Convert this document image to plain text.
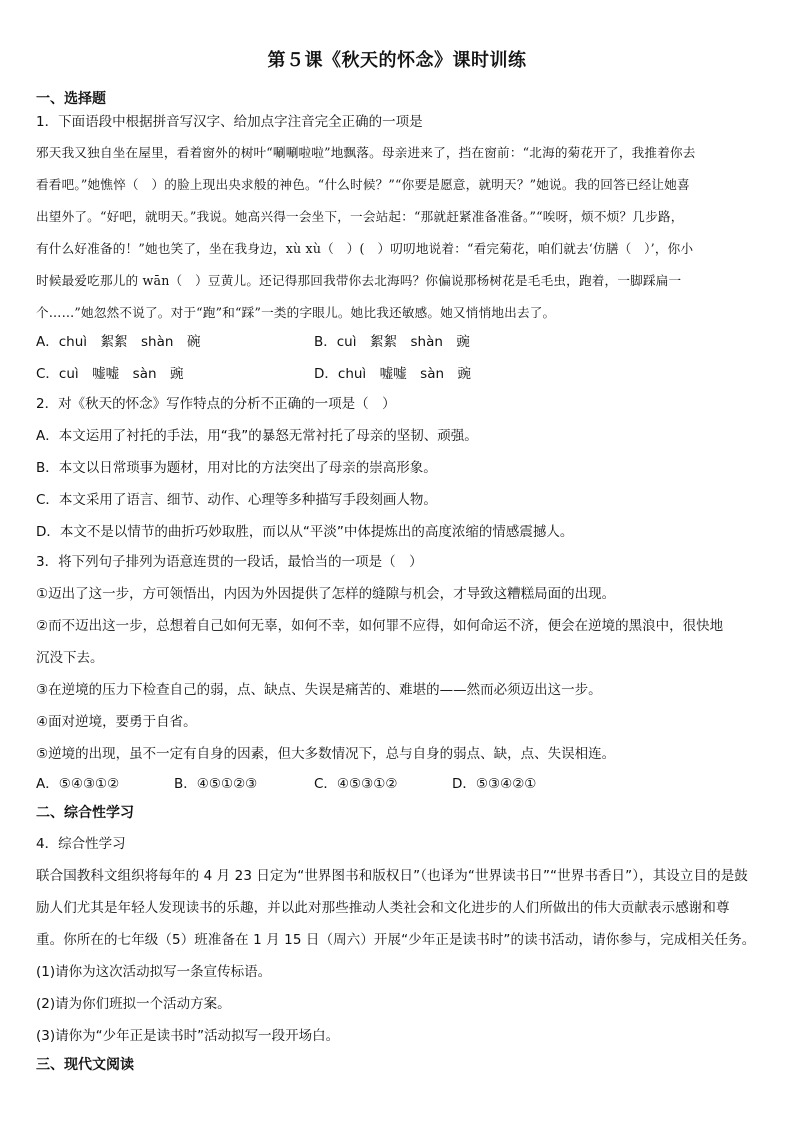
第５课《秋天的怀念》课时训练
一、选择题
1．下面语段中根据拼音写汉字、给加点字注音完全正确的一项是
邪天我又独自坐在屋里，看着窗外的树叶“唰唰啦啦”地飘落。母亲进来了，挡在窗前：“北海的菊花开了，我推着你去
看看吧。”她憔悴（　）的脸上现出央求般的神色。“什么时候？”“你要是愿意，就明天？”她说。我的回答已经让她喜
出望外了。“好吧，就明天。”我说。她高兴得一会坐下，一会站起：“那就赶紧准备准备。”“唉呀，烦不烦？几步路，
有什么好准备的！”她也笑了，坐在我身边，xù xù（　）(　）叨叨地说着：“看完菊花，咱们就去‘仿膳（　）’，你小
时候最爱吃那儿的 wān（　）豆黄儿。还记得那回我带你去北海吗？你偏说那杨树花是毛毛虫，跑着，一脚踩扁一
个……”她忽然不说了。对于“跑”和“踩”一类的字眼儿。她比我还敏感。她又悄悄地出去了。
A．chuì　絮絮　shàn　碗	B．cuì　絮絮　shàn　豌
C．cuì　嘘嘘　sàn　豌	D．chuì　嘘嘘　sàn　豌
2．对《秋天的怀念》写作特点的分析不正确的一项是（　）
A．本文运用了衬托的手法，用“我”的暴怒无常衬托了母亲的坚韧、顽强。
B．本文以日常琐事为题材，用对比的方法突出了母亲的崇高形象。
C．本文采用了语言、细节、动作、心理等多种描写手段刻画人物。
D．本文不是以情节的曲折巧妙取胜，而以从“平淡”中体提炼出的高度浓缩的情感震撼人。
3．将下列句子排列为语意连贯的一段话，最恰当的一项是（　）
①迈出了这一步，方可领悟出，内因为外因提供了怎样的缝隙与机会，才导致这糟糕局面的出现。
②而不迈出这一步，总想着自己如何无辜，如何不幸，如何罪不应得，如何命运不济，便会在逆境的黑浪中，很快地
沉没下去。
③在逆境的压力下检查自己的弱，点、缺点、失误是痛苦的、难堪的——然而必须迈出这一步。
④面对逆境，要勇于自省。
⑤逆境的出现，虽不一定有自身的因素，但大多数情况下，总与自身的弱点、缺，点、失误相连。
A．⑤④③①②	B．④⑤①②③	C．④⑤③①②	D．⑤③④②①
二、综合性学习
4．综合性学习
联合国教科文组织将每年的 4 月 23 日定为“世界图书和版权日”（也译为“世界读书日”“世界书香日”），其设立目的是鼓
励人们尤其是年轻人发现读书的乐趣，并以此对那些推动人类社会和文化进步的人们所做出的伟大贡献表示感谢和尊
重。你所在的七年级（5）班准备在 1 月 15 日（周六）开展“少年正是读书时”的读书活动，请你参与，完成相关任务。
(1)请你为这次活动拟写一条宣传标语。
(2)请为你们班拟一个活动方案。
(3)请你为“少年正是读书时”活动拟写一段开场白。
三、现代文阅读
